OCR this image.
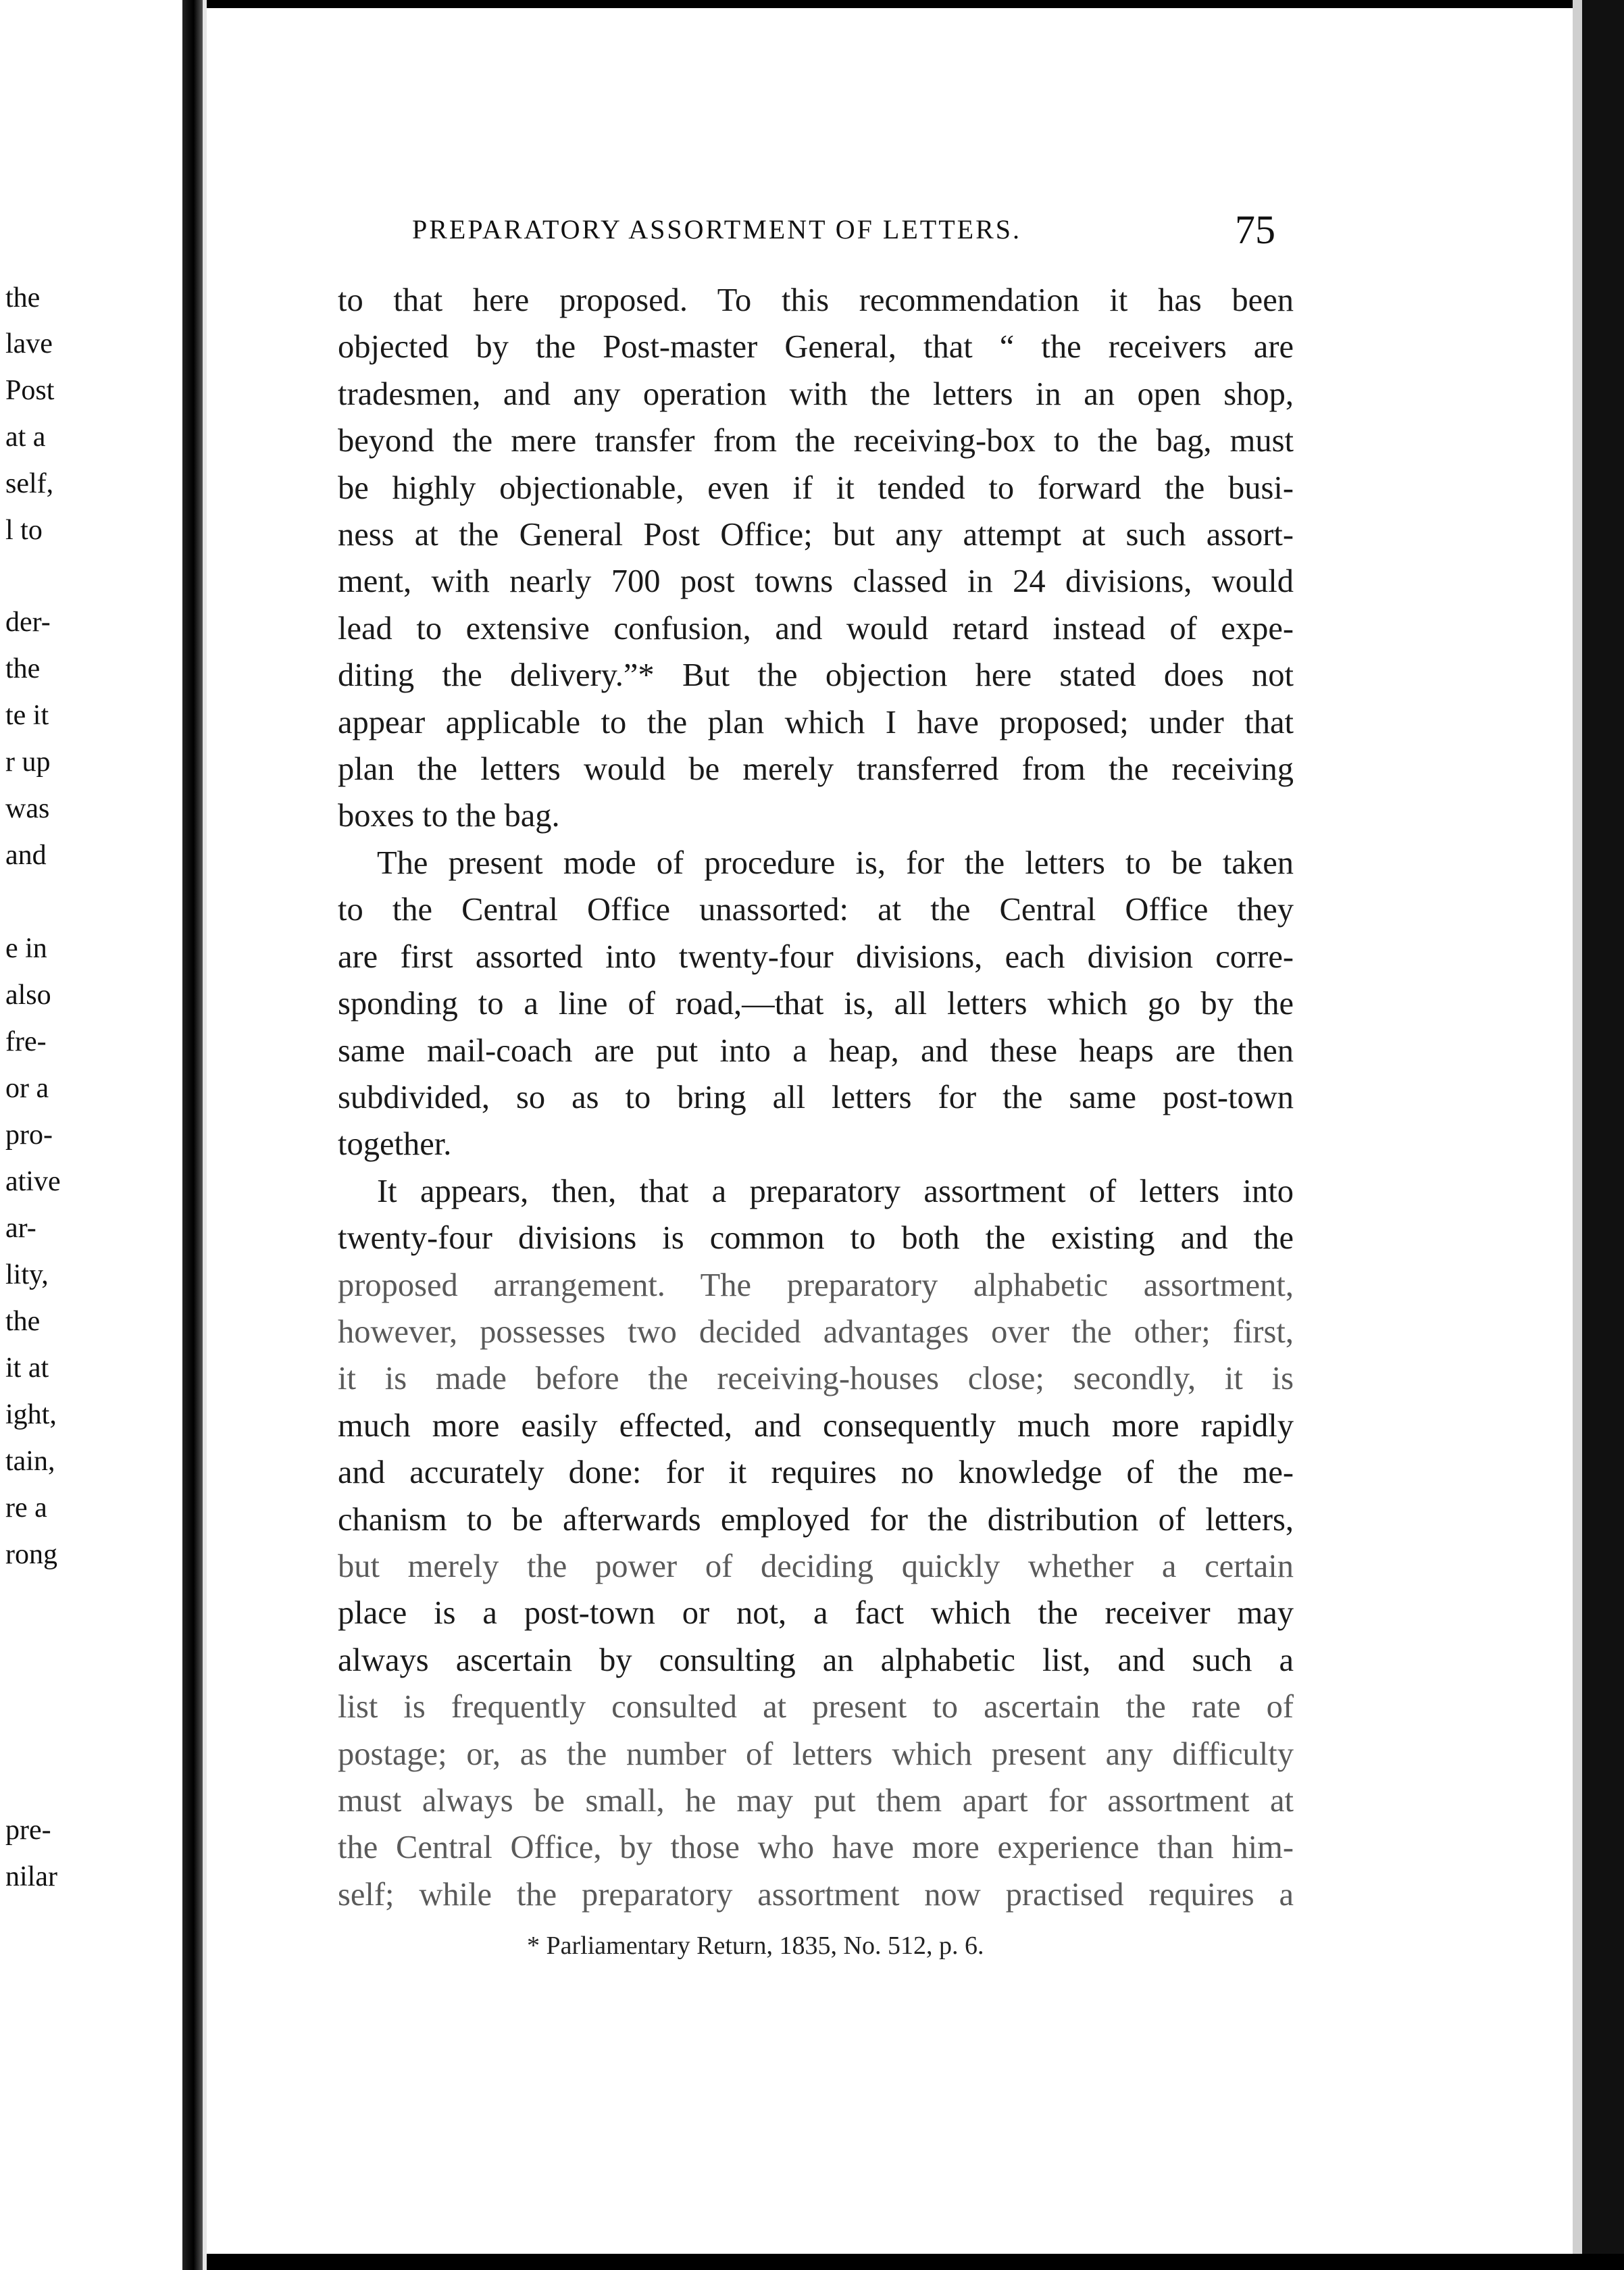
the
lave
Post
at a
self,
l to
der-
the
te it
r up
was
and
e in
also
fre-
or a
pro-
ative
ar-
lity,
the
it at
ight,
tain,
re a
rong
pre-
nilar
PREPARATORY ASSORTMENT OF LETTERS.	75
to that here proposed. To this recommendation it has been
objected by the Post-master General, that “ the receivers are
tradesmen, and any operation with the letters in an open shop,
beyond the mere transfer from the receiving-box to the bag, must
be highly objectionable, even if it tended to forward the busi-
ness at the General Post Office; but any attempt at such assort-
ment, with nearly 700 post towns classed in 24 divisions, would
lead to extensive confusion, and would retard instead of expe-
diting the delivery.”* But the objection here stated does not
appear applicable to the plan which I have proposed; under that
plan the letters would be merely transferred from the receiving
boxes to the bag.
The present mode of procedure is, for the letters to be taken
to the Central Office unassorted: at the Central Office they
are first assorted into twenty-four divisions, each division corre-
sponding to a line of road,—that is, all letters which go by the
same mail-coach are put into a heap, and these heaps are then
subdivided, so as to bring all letters for the same post-town
together.
It appears, then, that a preparatory assortment of letters into
twenty-four divisions is common to both the existing and the
proposed arrangement. The preparatory alphabetic assortment,
however, possesses two decided advantages over the other; first,
it is made before the receiving-houses close; secondly, it is
much more easily effected, and consequently much more rapidly
and accurately done: for it requires no knowledge of the me-
chanism to be afterwards employed for the distribution of letters,
but merely the power of deciding quickly whether a certain
place is a post-town or not, a fact which the receiver may
always ascertain by consulting an alphabetic list, and such a
list is frequently consulted at present to ascertain the rate of
postage; or, as the number of letters which present any difficulty
must always be small, he may put them apart for assortment at
the Central Office, by those who have more experience than him-
self; while the preparatory assortment now practised requires a
* Parliamentary Return, 1835, No. 512, p. 6.
